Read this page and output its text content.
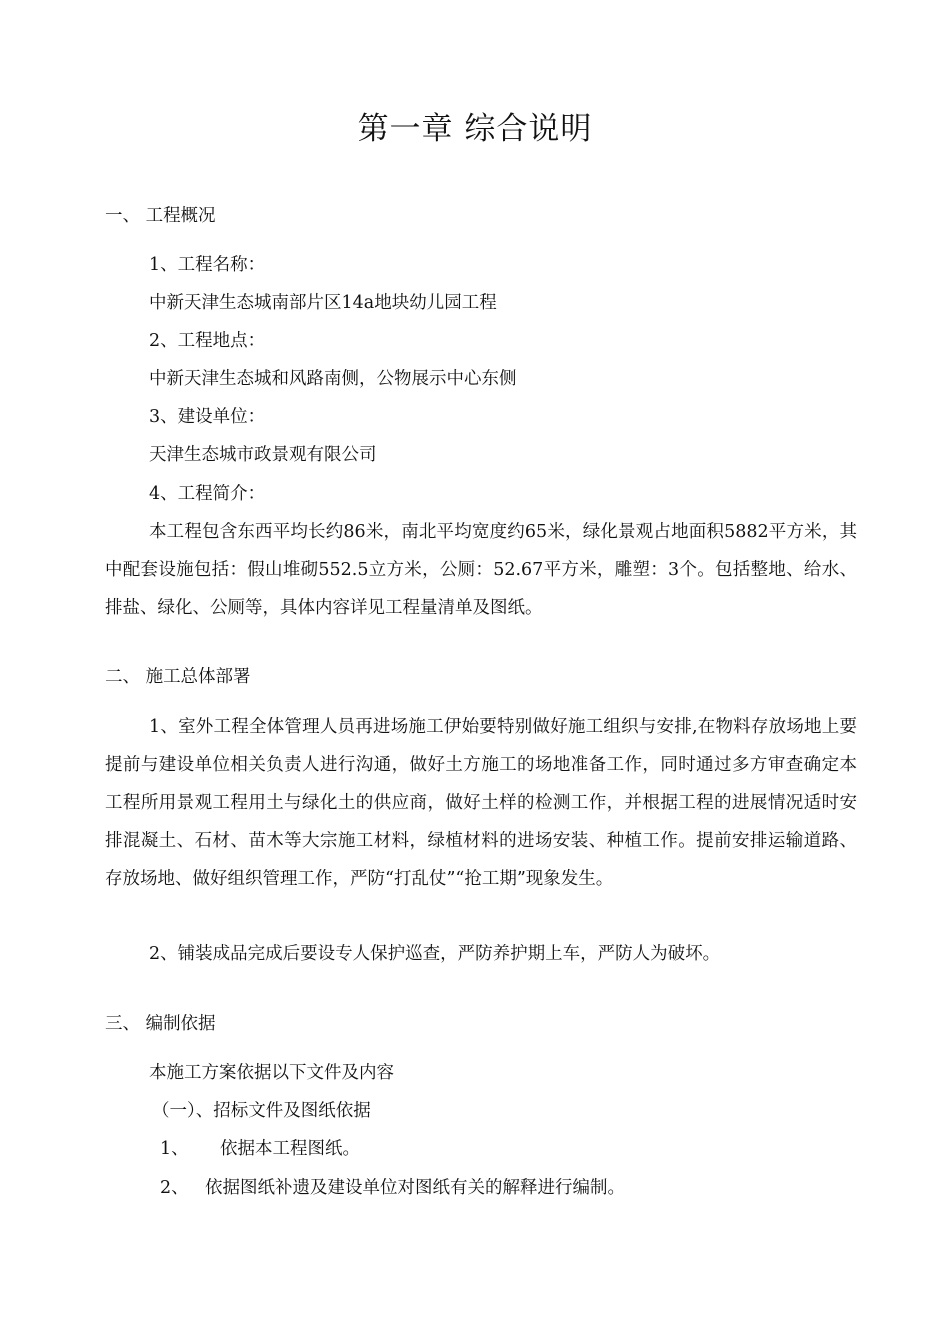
第一章 综合说明
一、 工程概况
1、工程名称：
中新天津生态城南部片区14a地块幼儿园工程
2、工程地点：
中新天津生态城和风路南侧，公物展示中心东侧
3、建设单位：
天津生态城市政景观有限公司
4、工程简介：
本工程包含东西平均长约86米，南北平均宽度约65米，绿化景观占地面积5882平方米，其中配套设施包括：假山堆砌552.5立方米，公厕：52.67平方米，雕塑：3个。包括整地、给水、排盐、绿化、公厕等，具体内容详见工程量清单及图纸。
二、 施工总体部署
1、室外工程全体管理人员再进场施工伊始要特别做好施工组织与安排,在物料存放场地上要提前与建设单位相关负责人进行沟通，做好土方施工的场地准备工作，同时通过多方审查确定本工程所用景观工程用土与绿化土的供应商，做好土样的检测工作，并根据工程的进展情况适时安排混凝土、石材、苗木等大宗施工材料，绿植材料的进场安装、种植工作。提前安排运输道路、存放场地、做好组织管理工作，严防“打乱仗”“抢工期”现象发生。
2、铺装成品完成后要设专人保护巡查，严防养护期上车，严防人为破坏。
三、 编制依据
本施工方案依据以下文件及内容
（一）、招标文件及图纸依据
1、 依据本工程图纸。
2、 依据图纸补遗及建设单位对图纸有关的解释进行编制。
